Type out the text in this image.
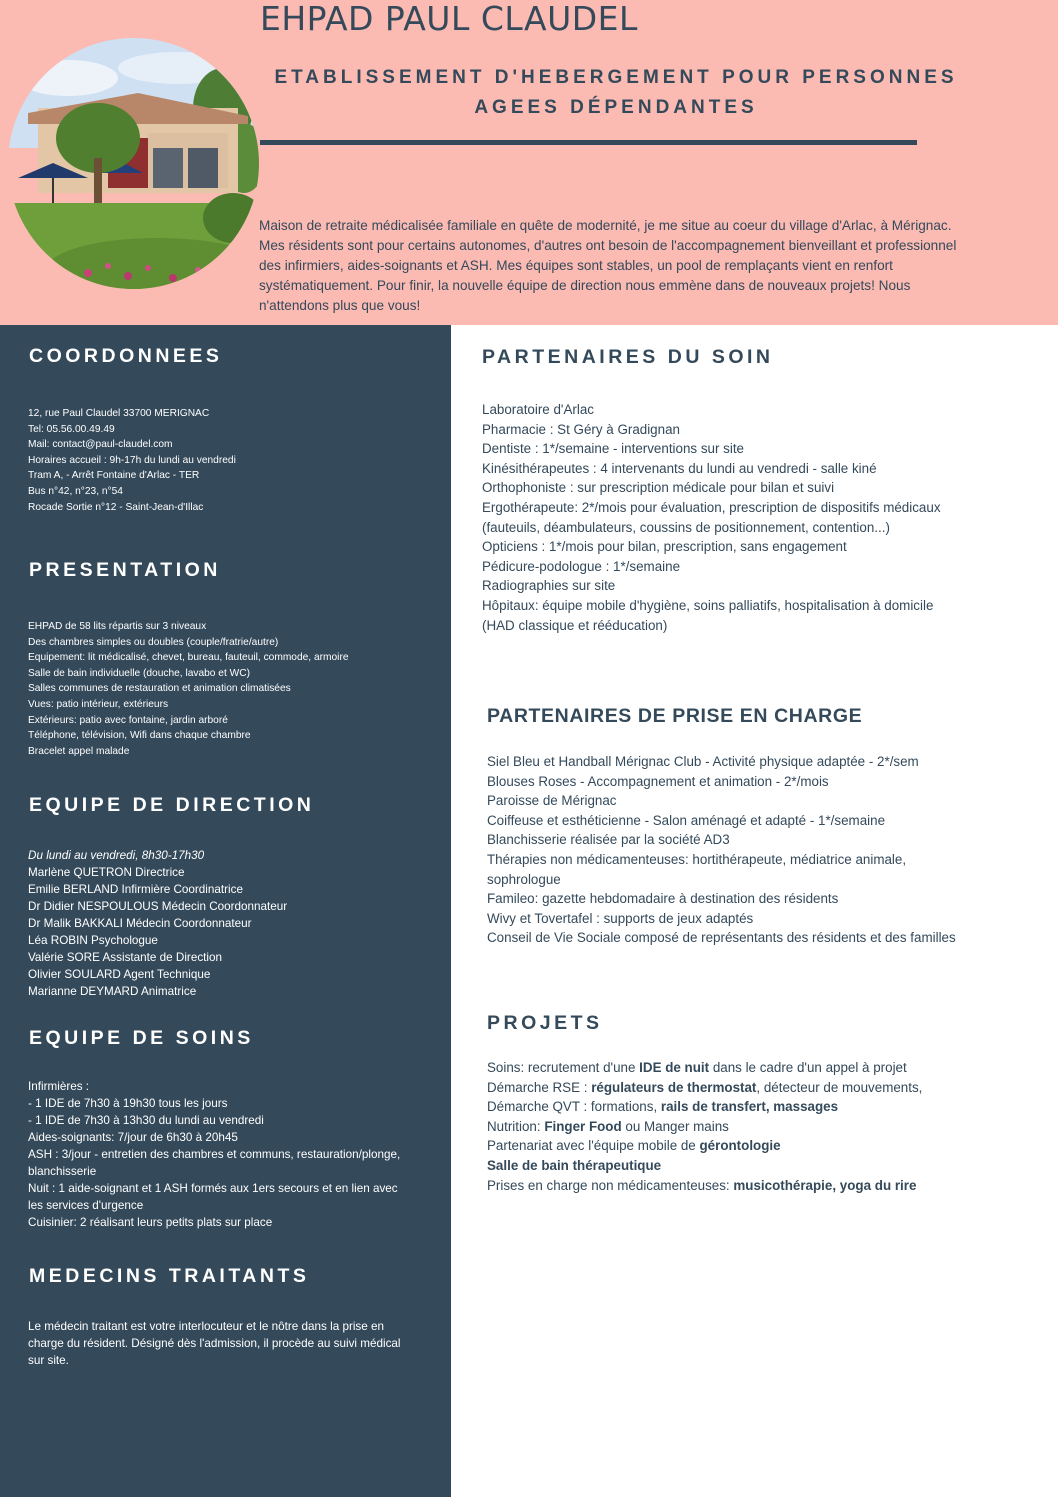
EHPAD PAUL CLAUDEL
ETABLISSEMENT D'HEBERGEMENT POUR PERSONNES
AGEES DÉPENDANTES

Maison de retraite médicalisée familiale en quête de modernité, je me situe au coeur du village d'Arlac, à Mérignac. Mes résidents sont pour certains autonomes, d'autres ont besoin de l'accompagnement bienveillant et professionnel des infirmiers, aides-soignants et ASH. Mes équipes sont stables, un pool de remplaçants vient en renfort systématiquement. Pour finir, la nouvelle équipe de direction nous emmène dans de nouveaux projets! Nous n'attendons plus que vous!

COORDONNEES
12, rue Paul Claudel 33700 MERIGNAC
Tel: 05.56.00.49.49
Mail: contact@paul-claudel.com
Horaires accueil : 9h-17h du lundi au vendredi
Tram A, - Arrêt Fontaine d'Arlac - TER
Bus n°42, n°23, n°54
Rocade Sortie n°12 - Saint-Jean-d'Illac
PRESENTATION
EHPAD de 58 lits répartis sur 3 niveaux
Des chambres simples ou doubles (couple/fratrie/autre)
Equipement: lit médicalisé, chevet, bureau, fauteuil, commode, armoire
Salle de bain individuelle (douche, lavabo et WC)
Salles communes de restauration et animation climatisées
Vues: patio intérieur, extérieurs
Extérieurs: patio avec fontaine, jardin arboré
Téléphone, télévision, Wifi dans chaque chambre
Bracelet appel malade
EQUIPE DE DIRECTION
Du lundi au vendredi, 8h30-17h30
Marlène QUETRON Directrice
Emilie BERLAND Infirmière Coordinatrice
Dr Didier NESPOULOUS Médecin Coordonnateur
Dr Malik BAKKALI Médecin Coordonnateur
Léa ROBIN Psychologue
Valérie SORE Assistante de Direction
Olivier SOULARD Agent Technique
Marianne DEYMARD Animatrice
EQUIPE DE SOINS
Infirmières :
- 1 IDE de 7h30 à 19h30 tous les jours
- 1 IDE de 7h30 à 13h30 du lundi au vendredi
Aides-soignants: 7/jour de 6h30 à 20h45
ASH : 3/jour - entretien des chambres et communs, restauration/plonge, blanchisserie
Nuit : 1 aide-soignant et 1 ASH formés aux 1ers secours et en lien avec les services d'urgence
Cuisinier: 2 réalisant leurs petits plats sur place
MEDECINS TRAITANTS

Le médecin traitant est votre interlocuteur et le nôtre dans la prise en charge du résident. Désigné dès l'admission, il procède au suivi médical sur site.

PARTENAIRES DU SOIN
Laboratoire d'Arlac
Pharmacie : St Géry à Gradignan
Dentiste : 1*/semaine - interventions sur site
Kinésithérapeutes : 4 intervenants du lundi au vendredi - salle kiné
Orthophoniste : sur prescription médicale pour bilan et suivi
Ergothérapeute: 2*/mois pour évaluation, prescription de dispositifs médicaux (fauteuils, déambulateurs, coussins de positionnement, contention...)
Opticiens : 1*/mois pour bilan, prescription, sans engagement
Pédicure-podologue : 1*/semaine
Radiographies sur site
Hôpitaux: équipe mobile d'hygiène, soins palliatifs, hospitalisation à domicile (HAD classique et rééducation)
PARTENAIRES DE PRISE EN CHARGE
Siel Bleu et Handball Mérignac Club - Activité physique adaptée - 2*/sem
Blouses Roses - Accompagnement et animation - 2*/mois
Paroisse de Mérignac
Coiffeuse et esthéticienne - Salon aménagé et adapté - 1*/semaine
Blanchisserie réalisée par la société AD3
Thérapies non médicamenteuses: hortithérapeute, médiatrice animale, sophrologue
Famileo: gazette hebdomadaire à destination des résidents
Wivy et Tovertafel : supports de jeux adaptés
Conseil de Vie Sociale composé de représentants des résidents et des familles
PROJETS
Soins: recrutement d'une IDE de nuit dans le cadre d'un appel à projet
Démarche RSE : régulateurs de thermostat, détecteur de mouvements,
Démarche QVT : formations, rails de transfert, massages
Nutrition: Finger Food ou Manger mains
Partenariat avec l'équipe mobile de gérontologie
Salle de bain thérapeutique
Prises en charge non médicamenteuses: musicothérapie, yoga du rire
